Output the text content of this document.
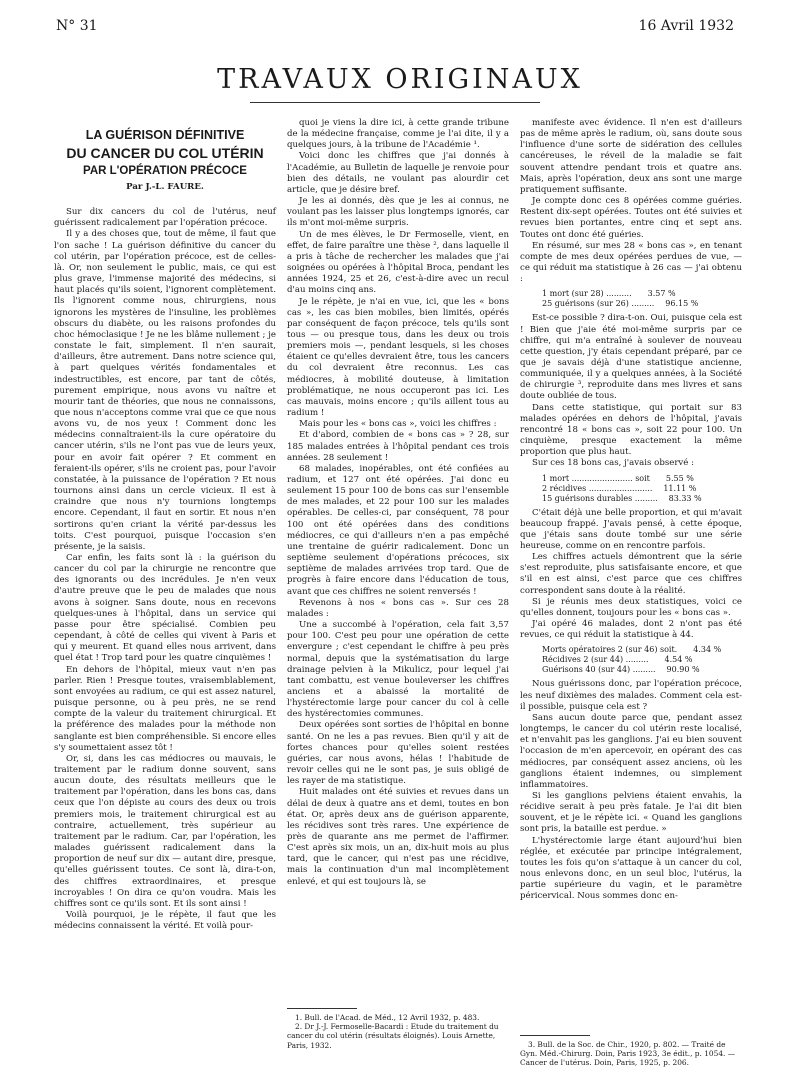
N° 31	16 Avril 1932
TRAVAUX ORIGINAUX
LA GUÉRISON DÉFINITIVE
DU CANCER DU COL UTÉRIN
PAR L'OPÉRATION PRÉCOCE
Par J.-L. FAURE.

Sur dix cancers du col de l'utérus, neuf guérissent radicalement par l'opération précoce.

Il y a des choses que, tout de même, il faut que l'on sache ! La guérison définitive du cancer du col utérin, par l'opération précoce, est de celles-là. Or, non seulement le public, mais, ce qui est plus grave, l'immense majorité des médecins, si haut placés qu'ils soient, l'ignorent complètement. Ils l'ignorent comme nous, chirurgiens, nous ignorons les mystères de l'insuline, les problèmes obscurs du diabète, ou les raisons profondes du choc hémoclasique ! Je ne les blâme nullement ; je constate le fait, simplement. Il n'en saurait, d'ailleurs, être autrement. Dans notre science qui, à part quelques vérités fondamentales et indestructibles, est encore, par tant de côtés, purement empirique, nous avons vu naître et mourir tant de théories, que nous ne connaissons, que nous n'acceptons comme vrai que ce que nous avons vu, de nos yeux ! Comment donc les médecins connaîtraient-ils la cure opératoire du cancer utérin, s'ils ne l'ont pas vue de leurs yeux, pour en avoir fait opérer ? Et comment en feraient-ils opérer, s'ils ne croient pas, pour l'avoir constatée, à la puissance de l'opération ? Et nous tournons ainsi dans un cercle vicieux. Il est à craindre que nous n'y tournions longtemps encore. Cependant, il faut en sortir. Et nous n'en sortirons qu'en criant la vérité par-dessus les toits. C'est pourquoi, puisque l'occasion s'en présente, je la saisis.

Car enfin, les faits sont là : la guérison du cancer du col par la chirurgie ne rencontre que des ignorants ou des incrédules. Je n'en veux d'autre preuve que le peu de malades que nous avons à soigner. Sans doute, nous en recevons quelques-unes à l'hôpital, dans un service qui passe pour être spécialisé. Combien peu cependant, à côté de celles qui vivent à Paris et qui y meurent. Et quand elles nous arrivent, dans quel état ! Trop tard pour les quatre cinquièmes !

En dehors de l'hôpital, mieux vaut n'en pas parler. Rien ! Presque toutes, vraisemblablement, sont envoyées au radium, ce qui est assez naturel, puisque personne, ou à peu près, ne se rend compte de la valeur du traitement chirurgical. Et la préférence des malades pour la méthode non sanglante est bien compréhensible. Si encore elles s'y soumettaient assez tôt !

Or, si, dans les cas médiocres ou mauvais, le traitement par le radium donne souvent, sans aucun doute, des résultats meilleurs que le traitement par l'opération, dans les bons cas, dans ceux que l'on dépiste au cours des deux ou trois premiers mois, le traitement chirurgical est au contraire, actuellement, très supérieur au traitement par le radium. Car, par l'opération, les malades guérissent radicalement dans la proportion de neuf sur dix — autant dire, presque, qu'elles guérissent toutes. Ce sont là, dira-t-on, des chiffres extraordinaires, et presque incroyables ! On dira ce qu'on voudra. Mais les chiffres sont ce qu'ils sont. Et ils sont ainsi !

Voilà pourquoi, je le répète, il faut que les médecins connaissent la vérité. Et voilà pour-

quoi je viens la dire ici, à cette grande tribune de la médecine française, comme je l'ai dite, il y a quelques jours, à la tribune de l'Académie ¹.

Voici donc les chiffres que j'ai donnés à l'Académie, au Bulletin de laquelle je renvoie pour bien des détails, ne voulant pas alourdir cet article, que je désire bref.

Je les ai donnés, dès que je les ai connus, ne voulant pas les laisser plus longtemps ignorés, car ils m'ont moi-même surpris.

Un de mes élèves, le Dr Fermoselle, vient, en effet, de faire paraître une thèse ², dans laquelle il a pris à tâche de rechercher les malades que j'ai soignées ou opérées à l'hôpital Broca, pendant les années 1924, 25 et 26, c'est-à-dire avec un recul d'au moins cinq ans.

Je le répète, je n'ai en vue, ici, que les « bons cas », les cas bien mobiles, bien limités, opérés par conséquent de façon précoce, tels qu'ils sont tous — ou presque tous, dans les deux ou trois premiers mois —, pendant lesquels, si les choses étaient ce qu'elles devraient être, tous les cancers du col devraient être reconnus. Les cas médiocres, à mobilité douteuse, à limitation problématique, ne nous occuperont pas ici. Les cas mauvais, moins encore ; qu'ils aillent tous au radium !

Mais pour les « bons cas », voici les chiffres :

Et d'abord, combien de « bons cas » ? 28, sur 185 malades entrées à l'hôpital pendant ces trois années. 28 seulement !

68 malades, inopérables, ont été confiées au radium, et 127 ont été opérées. J'ai donc eu seulement 15 pour 100 de bons cas sur l'ensemble de mes malades, et 22 pour 100 sur les malades opérables. De celles-ci, par conséquent, 78 pour 100 ont été opérées dans des conditions médiocres, ce qui d'ailleurs n'en a pas empêché une trentaine de guérir radicalement. Donc un septième seulement d'opérations précoces, six septième de malades arrivées trop tard. Que de progrès à faire encore dans l'éducation de tous, avant que ces chiffres ne soient renversés !

Revenons à nos « bons cas ». Sur ces 28 malades :

Une a succombé à l'opération, cela fait 3,57 pour 100. C'est peu pour une opération de cette envergure ; c'est cependant le chiffre à peu près normal, depuis que la systématisation du large drainage pelvien à la Mikulicz, pour lequel j'ai tant combattu, est venue bouleverser les chiffres anciens et a abaissé la mortalité de l'hystérectomie large pour cancer du col à celle des hystérectomies communes.

Deux opérées sont sorties de l'hôpital en bonne santé. On ne les a pas revues. Bien qu'il y ait de fortes chances pour qu'elles soient restées guéries, car nous avons, hélas ! l'habitude de revoir celles qui ne le sont pas, je suis obligé de les rayer de ma statistique.

Huit malades ont été suivies et revues dans un délai de deux à quatre ans et demi, toutes en bon état. Or, après deux ans de guérison apparente, les récidives sont très rares. Une expérience de près de quarante ans me permet de l'affirmer. C'est après six mois, un an, dix-huit mois au plus tard, que le cancer, qui n'est pas une récidive, mais la continuation d'un mal incomplètement enlevé, et qui est toujours là, se

1. Bull. de l'Acad. de Méd., 12 Avril 1932, p. 483.

2. Dr J.-J. Fermoselle-Bacardi : Etude du traitement du cancer du col utérin (résultats éloignés). Louis Arnette, Paris, 1932.

manifeste avec évidence. Il n'en est d'ailleurs pas de même après le radium, où, sans doute sous l'influence d'une sorte de sidération des cellules cancéreuses, le réveil de la maladie se fait souvent attendre pendant trois et quatre ans. Mais, après l'opération, deux ans sont une marge pratiquement suffisante.

Je compte donc ces 8 opérées comme guéries. Restent dix-sept opérées. Toutes ont été suivies et revues bien portantes, entre cinq et sept ans. Toutes ont donc été guéries.

En résumé, sur mes 28 « bons cas », en tenant compte de mes deux opérées perdues de vue, — ce qui réduit ma statistique à 26 cas — j'ai obtenu :

1 mort (sur 28) .......... 3.57 %
25 guérisons (sur 26) ......... 96.15 %

Est-ce possible ? dira-t-on. Oui, puisque cela est ! Bien que j'aie été moi-même surpris par ce chiffre, qui m'a entraîné à soulever de nouveau cette question, j'y étais cependant préparé, par ce que je savais déjà d'une statistique ancienne, communiquée, il y a quelques années, à la Société de chirurgie ³, reproduite dans mes livres et sans doute oubliée de tous.

Dans cette statistique, qui portait sur 83 malades opérées en dehors de l'hôpital, j'avais rencontré 18 « bons cas », soit 22 pour 100. Un cinquième, presque exactement la même proportion que plus haut.

Sur ces 18 bons cas, j'avais observé :

1 mort ........................ soit 5.55 %
2 récidives ......................... 11.11 %
15 guérisons durables ......... 83.33 %

C'était déjà une belle proportion, et qui m'avait beaucoup frappé. J'avais pensé, à cette époque, que j'étais sans doute tombé sur une série heureuse, comme on en rencontre parfois.

Les chiffres actuels démontrent que la série s'est reproduite, plus satisfaisante encore, et que s'il en est ainsi, c'est parce que ces chiffres correspondent sans doute à la réalité.

Si je réunis mes deux statistiques, voici ce qu'elles donnent, toujours pour les « bons cas ».

J'ai opéré 46 malades, dont 2 n'ont pas été revues, ce qui réduit la statistique à 44.

Morts opératoires 2 (sur 46) soit. 4.34 %
Récidives 2 (sur 44) ......... 4.54 %
Guérisons 40 (sur 44) ......... 90.90 %

Nous guérissons donc, par l'opération précoce, les neuf dixièmes des malades. Comment cela est-il possible, puisque cela est ?

Sans aucun doute parce que, pendant assez longtemps, le cancer du col utérin reste localisé, et n'envahit pas les ganglions. J'ai eu bien souvent l'occasion de m'en apercevoir, en opérant des cas médiocres, par conséquent assez anciens, où les ganglions étaient indemnes, ou simplement inflammatoires.

Si les ganglions pelviens étaient envahis, la récidive serait à peu près fatale. Je l'ai dit bien souvent, et je le répète ici. « Quand les ganglions sont pris, la bataille est perdue. »

L'hystérectomie large étant aujourd'hui bien réglée, et exécutée par principe intégralement, toutes les fois qu'on s'attaque à un cancer du col, nous enlevons donc, en un seul bloc, l'utérus, la partie supérieure du vagin, et le paramètre péricervical. Nous sommes donc en-

3. Bull. de la Soc. de Chir., 1920, p. 802. — Traité de Gyn. Méd.-Chirurg. Doin, Paris 1923, 3e édit., p. 1054. — Cancer de l'utérus. Doin, Paris, 1925, p. 206.
